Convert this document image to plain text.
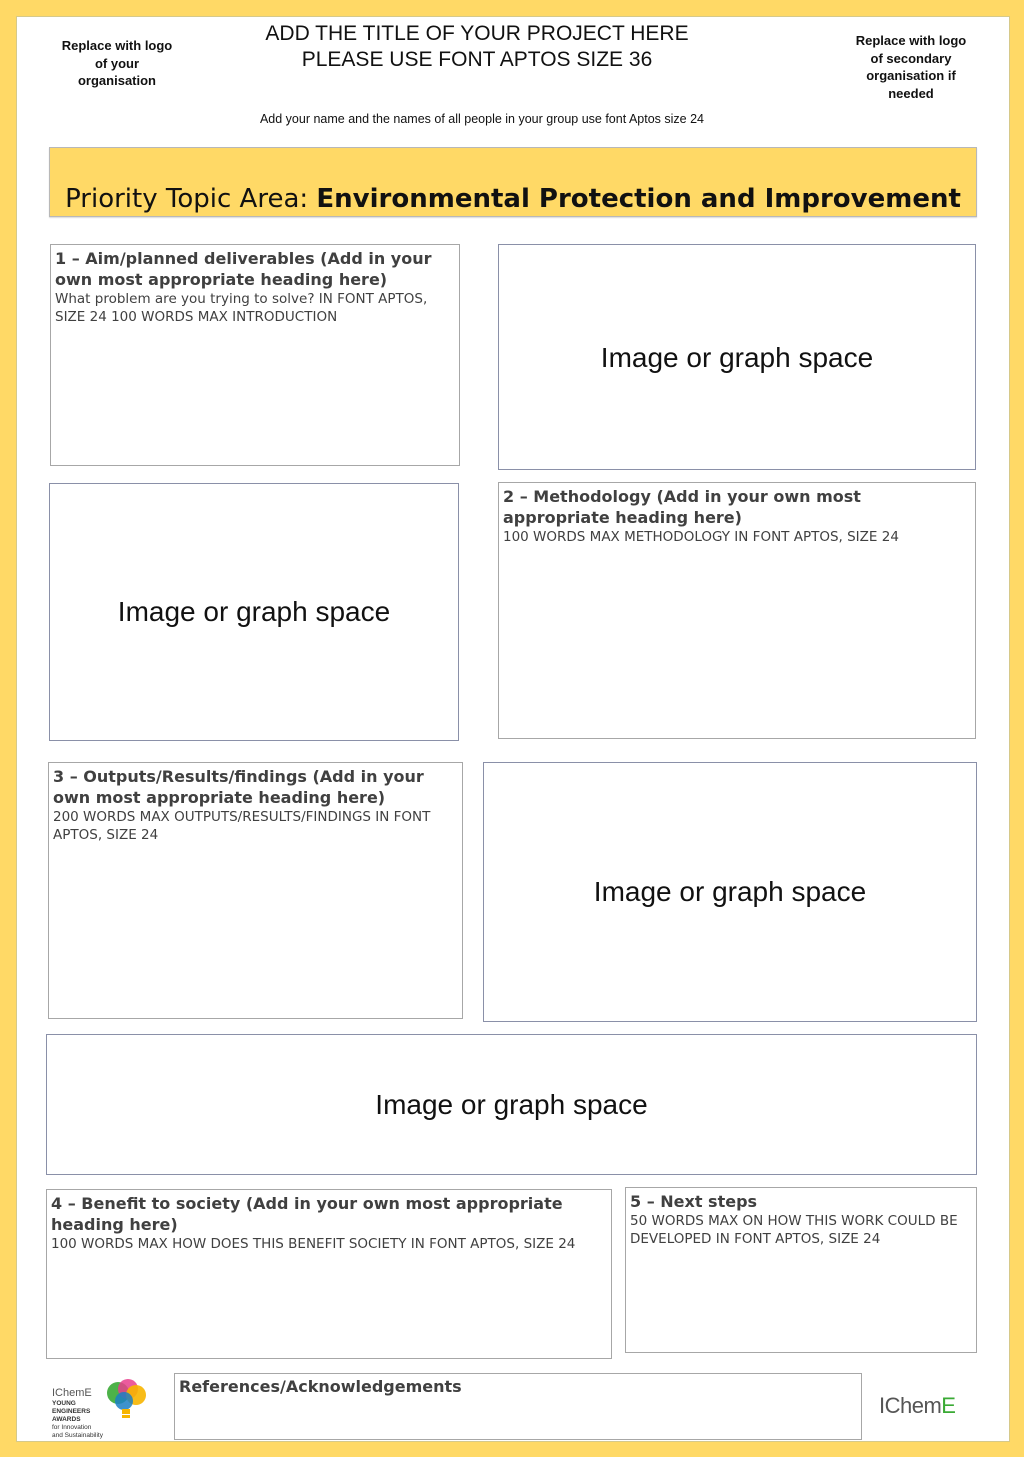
Replace with logo
of your
organisation
ADD THE TITLE OF YOUR PROJECT HERE
PLEASE USE FONT APTOS SIZE 36
Replace with logo
of secondary
organisation if
needed
Add your name and the names of all people in your group use font Aptos size 24
Priority Topic Area: Environmental Protection and Improvement
1 – Aim/planned deliverables (Add in your own most appropriate heading here)
What problem are you trying to solve? IN FONT APTOS, SIZE 24 100 WORDS MAX INTRODUCTION
Image or graph space
Image or graph space
2 – Methodology (Add in your own most appropriate heading here)
100 WORDS MAX METHODOLOGY IN FONT APTOS, SIZE 24
3 – Outputs/Results/findings (Add in your own most appropriate heading here)
200 WORDS MAX OUTPUTS/RESULTS/FINDINGS IN FONT APTOS, SIZE 24
Image or graph space
Image or graph space
4 – Benefit to society (Add in your own most appropriate heading here)
100 WORDS MAX HOW DOES THIS BENEFIT SOCIETY IN FONT APTOS, SIZE 24
5 – Next steps
50 WORDS MAX ON HOW THIS WORK COULD BE DEVELOPED IN FONT APTOS, SIZE 24
IChemE
YOUNG
ENGINEERS
AWARDS
for Innovation
and Sustainability
References/Acknowledgements
IChemE
